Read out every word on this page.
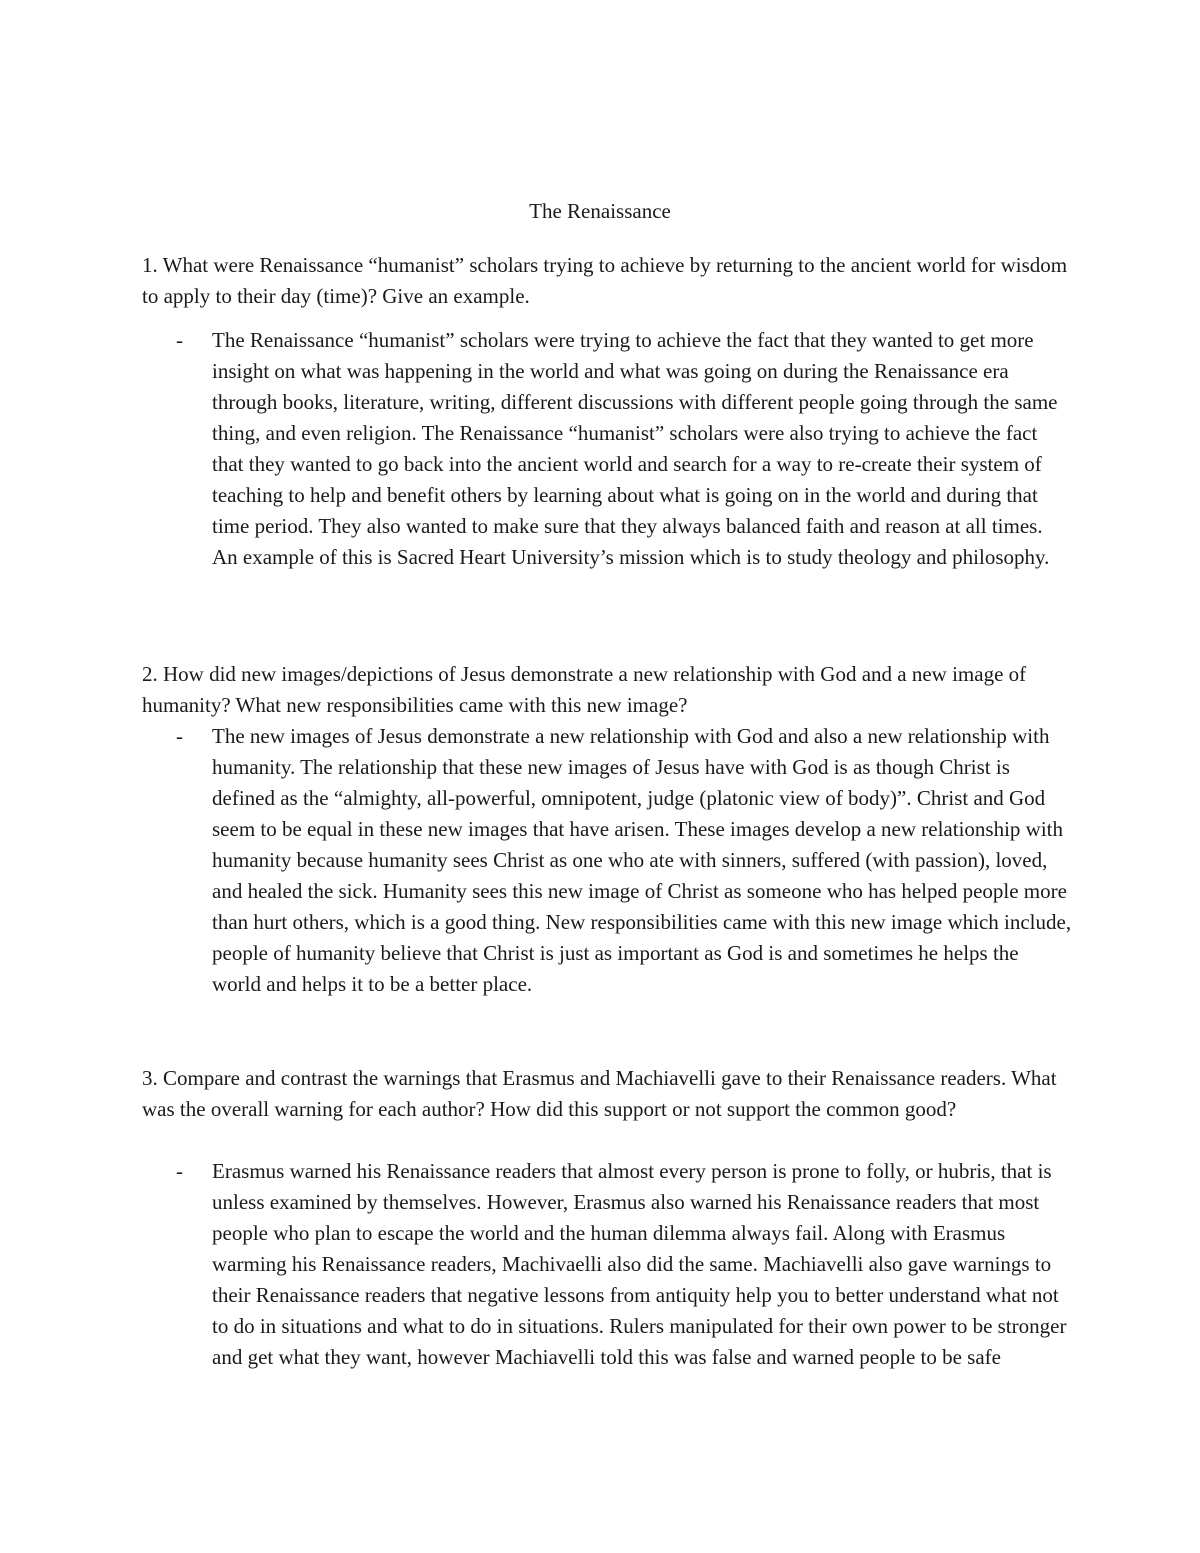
The Renaissance
1. What were Renaissance “humanist” scholars trying to achieve by returning to the ancient world for wisdom to apply to their day (time)? Give an example.
- The Renaissance “humanist” scholars were trying to achieve the fact that they wanted to get more insight on what was happening in the world and what was going on during the Renaissance era through books, literature, writing, different discussions with different people going through the same thing, and even religion. The Renaissance “humanist” scholars were also trying to achieve the fact that they wanted to go back into the ancient world and search for a way to re-create their system of teaching to help and benefit others by learning about what is going on in the world and during that time period. They also wanted to make sure that they always balanced faith and reason at all times. An example of this is Sacred Heart University’s mission which is to study theology and philosophy.
2. How did new images/depictions of Jesus demonstrate a new relationship with God and a new image of humanity? What new responsibilities came with this new image?
- The new images of Jesus demonstrate a new relationship with God and also a new relationship with humanity. The relationship that these new images of Jesus have with God is as though Christ is defined as the “almighty, all-powerful, omnipotent, judge (platonic view of body)”. Christ and God seem to be equal in these new images that have arisen. These images develop a new relationship with humanity because humanity sees Christ as one who ate with sinners, suffered (with passion), loved, and healed the sick. Humanity sees this new image of Christ as someone who has helped people more than hurt others, which is a good thing. New responsibilities came with this new image which include, people of humanity believe that Christ is just as important as God is and sometimes he helps the world and helps it to be a better place.
3. Compare and contrast the warnings that Erasmus and Machiavelli gave to their Renaissance readers. What was the overall warning for each author? How did this support or not support the common good?
- Erasmus warned his Renaissance readers that almost every person is prone to folly, or hubris, that is unless examined by themselves. However, Erasmus also warned his Renaissance readers that most people who plan to escape the world and the human dilemma always fail. Along with Erasmus warming his Renaissance readers, Machivaelli also did the same. Machiavelli also gave warnings to their Renaissance readers that negative lessons from antiquity help you to better understand what not to do in situations and what to do in situations. Rulers manipulated for their own power to be stronger and get what they want, however Machiavelli told this was false and warned people to be safe
